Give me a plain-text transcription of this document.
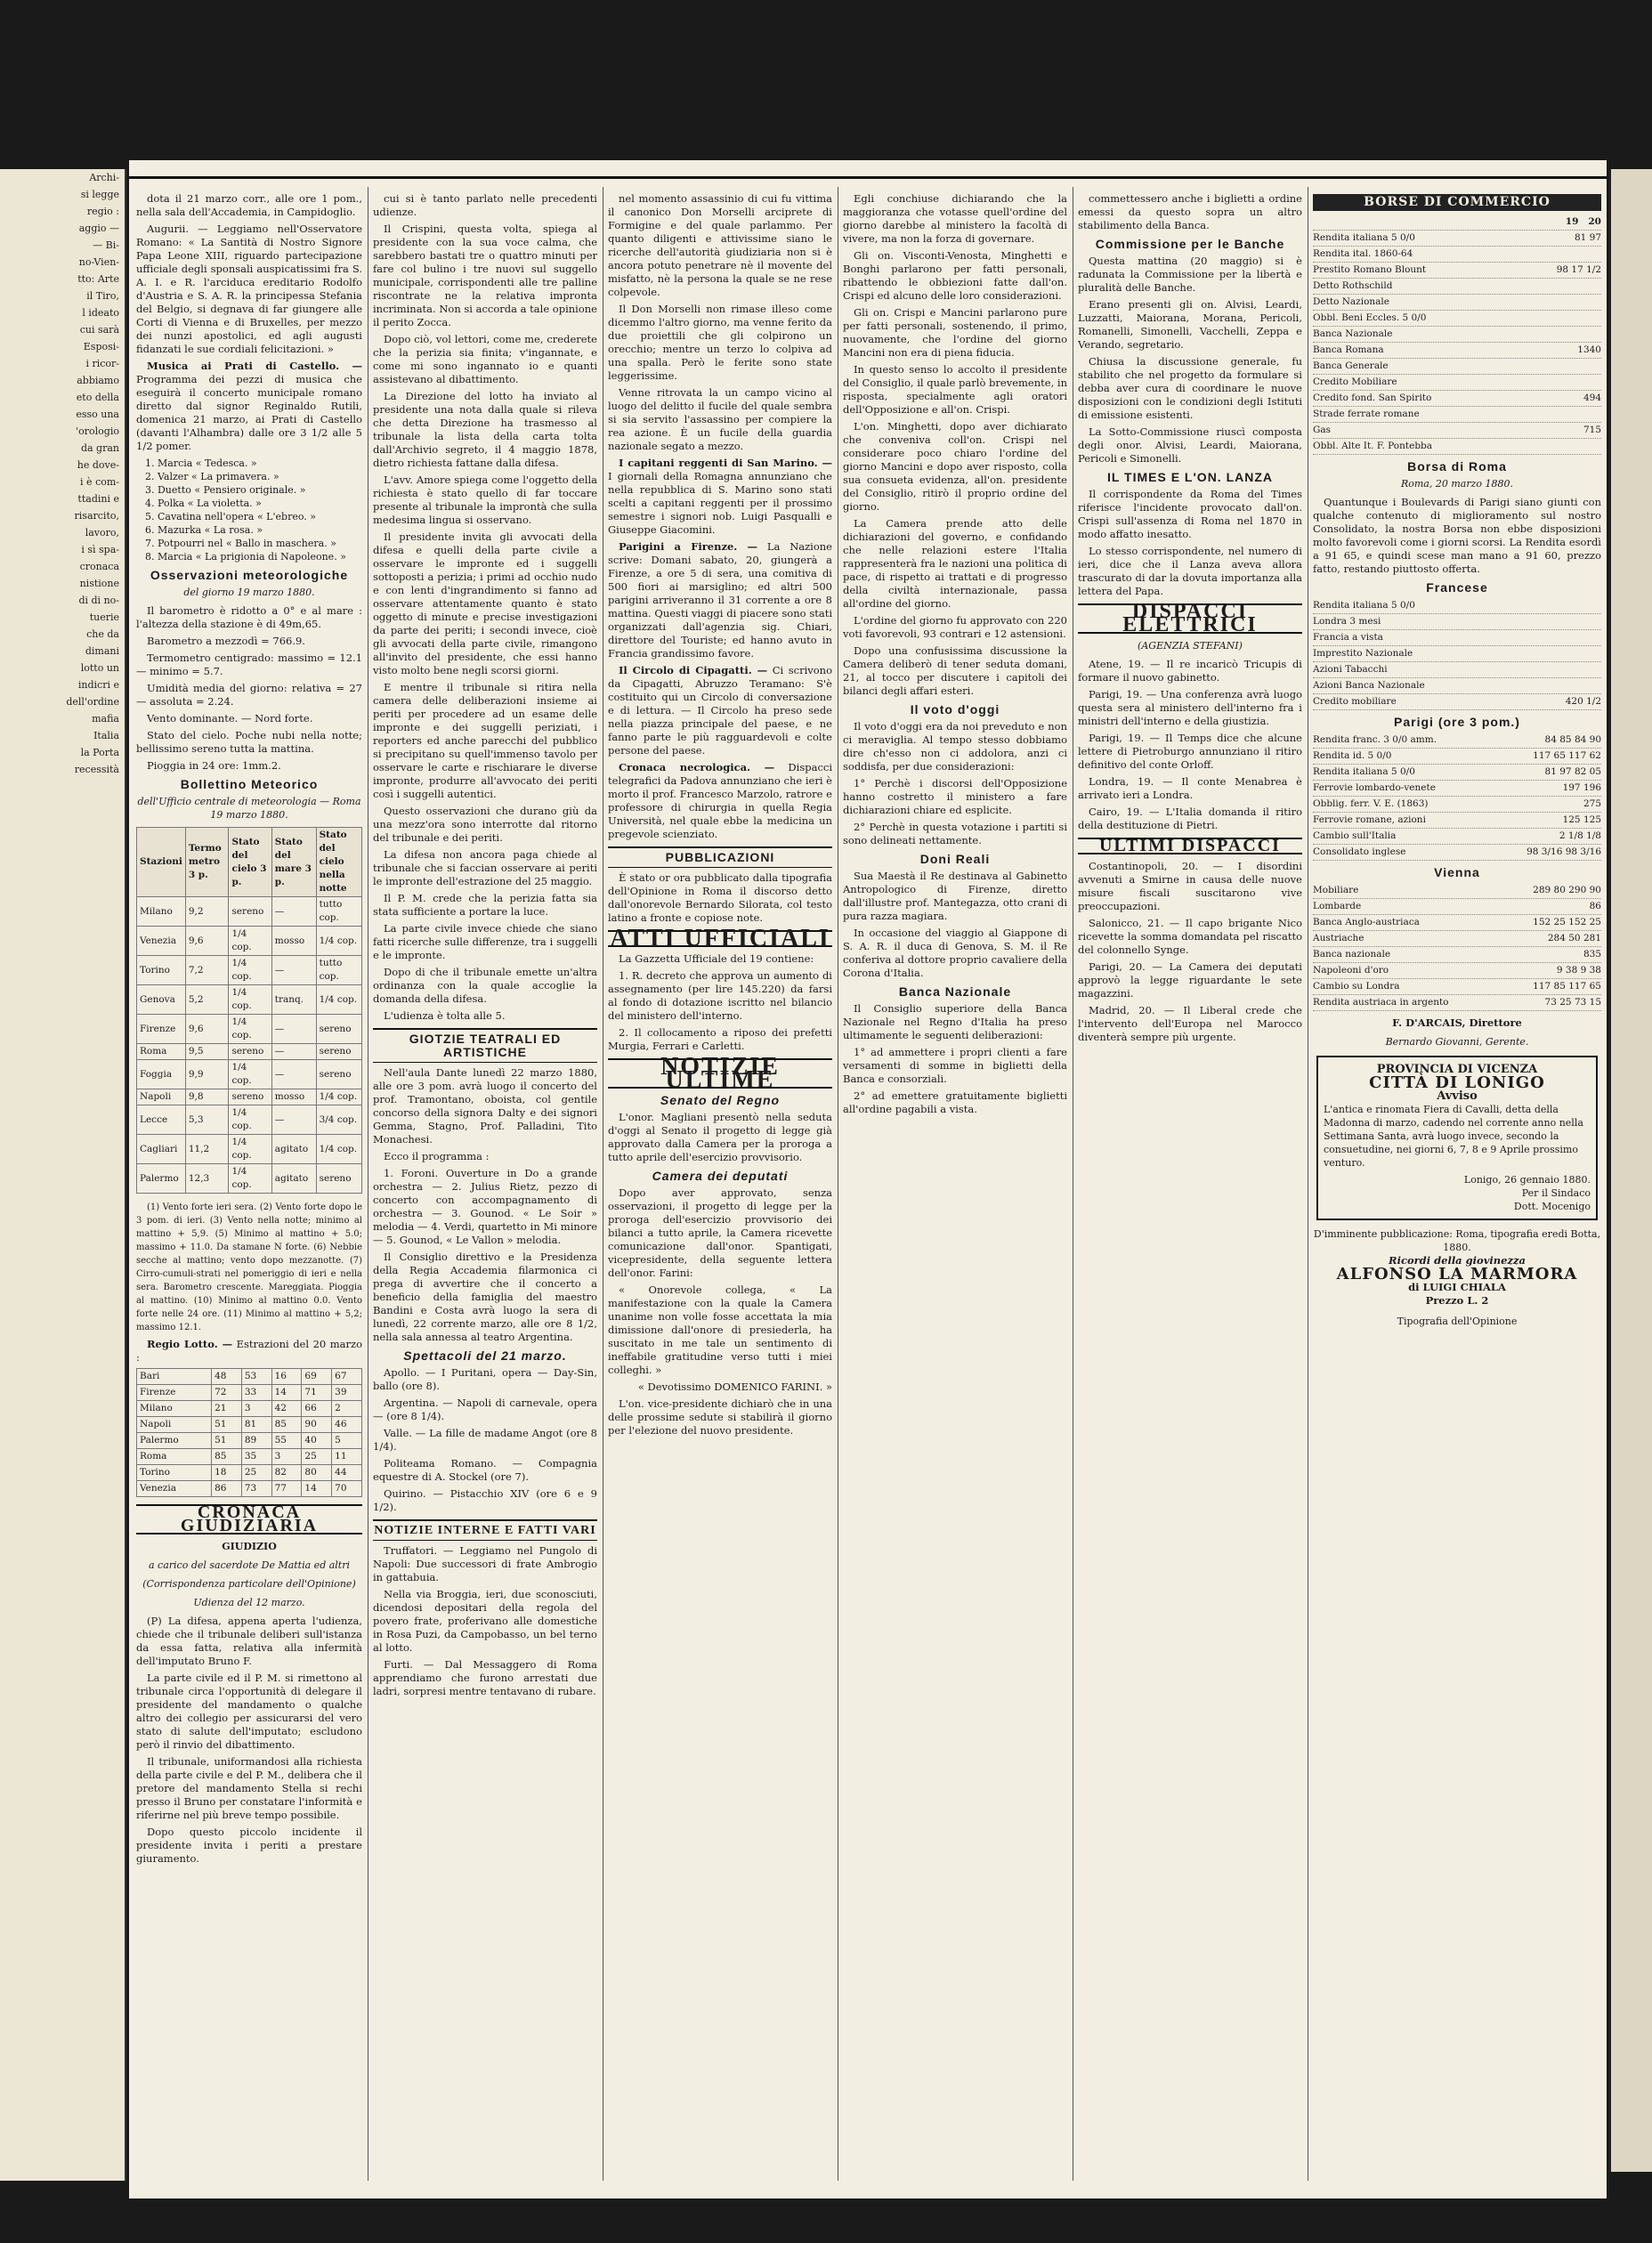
Archi-

si legge

regio :

aggio —

— Bi-

no-Vien-

tto: Arte

il Tiro,

l ideato

cui sarà

Esposi-

i ricor-

abbiamo

eto della

esso una

'orologio

da gran

he dove-

i è com-

ttadini e

risarcito,

lavoro,

i sì spa-

cronaca

nistione

di di no-

tuerie

che da

dimani

lotto un

indicri e

dell'ordine

mafia

Italia

la Porta

recessità

dota il 21 marzo corr., alle ore 1 pom., nella sala dell'Accademia, in Campidoglio.

Augurii. — Leggiamo nell'Osservatore Romano: « La Santità di Nostro Signore Papa Leone XIII, riguardo partecipazione ufficiale degli sponsali auspicatissimi fra S. A. I. e R. l'arciduca ereditario Rodolfo d'Austria e S. A. R. la principessa Stefania del Belgio, si degnava di far giungere alle Corti di Vienna e di Bruxelles, per mezzo dei nunzi apostolici, ed agli augusti fidanzati le sue cordiali felicitazioni. »

Musica ai Prati di Castello. — Programma dei pezzi di musica che eseguirà il concerto municipale romano diretto dal signor Reginaldo Rutili, domenica 21 marzo, ai Prati di Castello (davanti l'Alhambra) dalle ore 3 1/2 alle 5 1/2 pomer.

1. Marcia « Tedesca. »
2. Valzer « La primavera. »
3. Duetto « Pensiero originale. »
4. Polka « La violetta. »
5. Cavatina nell'opera « L'ebreo. »
6. Mazurka « La rosa. »
7. Potpourri nel « Ballo in maschera. »
8. Marcia « La prigionia di Napoleone. »
Osservazioni meteorologiche
del giorno 19 marzo 1880.

Il barometro è ridotto a 0° e al mare : l'altezza della stazione è di 49m,65.

Barometro a mezzodì = 766.9.

Termometro centigrado: massimo = 12.1 — minimo = 5.7.

Umidità media del giorno: relativa = 27 — assoluta = 2.24.

Vento dominante. — Nord forte.

Stato del cielo. Poche nubi nella notte; bellissimo sereno tutta la mattina.

Pioggia in 24 ore: 1mm.2.

Bollettino Meteorico
dell'Ufficio centrale di meteorologia — Roma 19 marzo 1880.
Stazioni	Termo metro 3 p.	Stato del cielo 3 p.	Stato del mare 3 p.	Stato del cielo nella notte
Milano	9,2	sereno	—	tutto cop.
Venezia	9,6	1/4 cop.	mosso	1/4 cop.
Torino	7,2	1/4 cop.	—	tutto cop.
Genova	5,2	1/4 cop.	tranq.	1/4 cop.
Firenze	9,6	1/4 cop.	—	sereno
Roma	9,5	sereno	—	sereno
Foggia	9,9	1/4 cop.	—	sereno
Napoli	9,8	sereno	mosso	1/4 cop.
Lecce	5,3	1/4 cop.	—	3/4 cop.
Cagliari	11,2	1/4 cop.	agitato	1/4 cop.
Palermo	12,3	1/4 cop.	agitato	sereno

(1) Vento forte ieri sera. (2) Vento forte dopo le 3 pom. di ieri. (3) Vento nella notte; minimo al mattino + 5,9. (5) Minimo al mattino + 5.0; massimo + 11.0. Da stamane N forte. (6) Nebbie secche al mattino; vento dopo mezzanotte. (7) Cirro-cumuli-strati nel pomeriggio di ieri e nella sera. Barometro crescente. Mareggiata. Pioggia al mattino. (10) Minimo al mattino 0.0. Vento forte nelle 24 ore. (11) Minimo al mattino + 5,2; massimo 12.1.

Regio Lotto. — Estrazioni del 20 marzo :

Bari	48	53	16	69	67
Firenze	72	33	14	71	39
Milano	21	3	42	66	2
Napoli	51	81	85	90	46
Palermo	51	89	55	40	5
Roma	85	35	3	25	11
Torino	18	25	82	80	44
Venezia	86	73	77	14	70
CRONACA GIUDIZIARIA
GIUDIZIO
a carico del sacerdote De Mattia ed altri
(Corrispondenza particolare dell'Opinione)
Udienza del 12 marzo.

(P) La difesa, appena aperta l'udienza, chiede che il tribunale deliberi sull'istanza da essa fatta, relativa alla infermità dell'imputato Bruno F.

La parte civile ed il P. M. si rimettono al tribunale circa l'opportunità di delegare il presidente del mandamento o qualche altro dei collegio per assicurarsi del vero stato di salute dell'imputato; escludono però il rinvio del dibattimento.

Il tribunale, uniformandosi alla richiesta della parte civile e del P. M., delibera che il pretore del mandamento Stella si rechi presso il Bruno per constatare l'informità e riferirne nel più breve tempo possibile.

Dopo questo piccolo incidente il presidente invita i periti a prestare giuramento.

cui si è tanto parlato nelle precedenti udienze.

Il Crispini, questa volta, spiega al presidente con la sua voce calma, che sarebbero bastati tre o quattro minuti per fare col bulino i tre nuovi sul suggello municipale, corrispondenti alle tre palline riscontrate ne la relativa impronta incriminata. Non si accorda a tale opinione il perito Zocca.

Dopo ciò, vol lettori, come me, crederete che la perizia sia finita; v'ingannate, e come mi sono ingannato io e quanti assistevano al dibattimento.

La Direzione del lotto ha inviato al presidente una nota dalla quale si rileva che detta Direzione ha trasmesso al tribunale la lista della carta tolta dall'Archivio segreto, il 4 maggio 1878, dietro richiesta fattane dalla difesa.

L'avv. Amore spiega come l'oggetto della richiesta è stato quello di far toccare presente al tribunale la improntà che sulla medesima lingua si osservano.

Il presidente invita gli avvocati della difesa e quelli della parte civile a osservare le impronte ed i suggelli sottoposti a perizia; i primi ad occhio nudo e con lenti d'ingrandimento si fanno ad osservare attentamente quanto è stato oggetto di minute e precise investigazioni da parte dei periti; i secondi invece, cioè gli avvocati della parte civile, rimangono all'invito del presidente, che essi hanno visto molto bene negli scorsi giorni.

E mentre il tribunale si ritira nella camera delle deliberazioni insieme ai periti per procedere ad un esame delle impronte e dei suggelli periziati, i reporters ed anche parecchi del pubblico si precipitano su quell'immenso tavolo per osservare le carte e rischiarare le diverse impronte, produrre all'avvocato dei periti così i suggelli autentici.

Questo osservazioni che durano giù da una mezz'ora sono interrotte dal ritorno del tribunale e dei periti.

La difesa non ancora paga chiede al tribunale che si faccian osservare ai periti le impronte dell'estrazione del 25 maggio.

Il P. M. crede che la perizia fatta sia stata sufficiente a portare la luce.

La parte civile invece chiede che siano fatti ricerche sulle differenze, tra i suggelli e le impronte.

Dopo di che il tribunale emette un'altra ordinanza con la quale accoglie la domanda della difesa.

L'udienza è tolta alle 5.

GIOTZIE TEATRALI ED ARTISTICHE

Nell'aula Dante lunedì 22 marzo 1880, alle ore 3 pom. avrà luogo il concerto del prof. Tramontano, oboista, col gentile concorso della signora Dalty e dei signori Gemma, Stagno, Prof. Palladini, Tito Monachesi.

Ecco il programma :

1. Foroni. Ouverture in Do a grande orchestra — 2. Julius Rietz, pezzo di concerto con accompagnamento di orchestra — 3. Gounod. « Le Soir » melodia — 4. Verdi, quartetto in Mi minore — 5. Gounod, « Le Vallon » melodia.

Il Consiglio direttivo e la Presidenza della Regia Accademia filarmonica ci prega di avvertire che il concerto a beneficio della famiglia del maestro Bandini e Costa avrà luogo la sera di lunedì, 22 corrente marzo, alle ore 8 1/2, nella sala annessa al teatro Argentina.

Spettacoli del 21 marzo.

Apollo. — I Puritani, opera — Day-Sin, ballo (ore 8).

Argentina. — Napoli di carnevale, opera — (ore 8 1/4).

Valle. — La fille de madame Angot (ore 8 1/4).

Politeama Romano. — Compagnia equestre di A. Stockel (ore 7).

Quirino. — Pistacchio XIV (ore 6 e 9 1/2).

NOTIZIE INTERNE E FATTI VARI

Truffatori. — Leggiamo nel Pungolo di Napoli: Due successori di frate Ambrogio in gattabuia.

Nella via Broggia, ieri, due sconosciuti, dicendosi depositari della regola del povero frate, proferivano alle domestiche in Rosa Puzi, da Campobasso, un bel terno al lotto.

Furti. — Dal Messaggero di Roma apprendiamo che furono arrestati due ladri, sorpresi mentre tentavano di rubare.

nel momento assassinio di cui fu vittima il canonico Don Morselli arciprete di Formigine e del quale parlammo. Per quanto diligenti e attivissime siano le ricerche dell'autorità giudiziaria non si è ancora potuto penetrare nè il movente del misfatto, nè la persona la quale se ne rese colpevole.

Il Don Morselli non rimase illeso come dicemmo l'altro giorno, ma venne ferito da due proiettili che gli colpirono un orecchio; mentre un terzo lo colpiva ad una spalla. Però le ferite sono state leggerissime.

Venne ritrovata la un campo vicino al luogo del delitto il fucile del quale sembra si sia servito l'assassino per compiere la rea azione. È un fucile della guardia nazionale segato a mezzo.

I capitani reggenti di San Marino. — I giornali della Romagna annunziano che nella repubblica di S. Marino sono stati scelti a capitani reggenti per il prossimo semestre i signori nob. Luigi Pasqualli e Giuseppe Giacomini.

Parigini a Firenze. — La Nazione scrive: Domani sabato, 20, giungerà a Firenze, a ore 5 di sera, una comitiva di 500 fiori ai marsiglino; ed altri 500 parigini arriveranno il 31 corrente a ore 8 mattina. Questi viaggi di piacere sono stati organizzati dall'agenzia sig. Chiari, direttore del Touriste; ed hanno avuto in Francia grandissimo favore.

Il Circolo di Cipagatti. — Ci scrivono da Cipagatti, Abruzzo Teramano: S'è costituito qui un Circolo di conversazione e di lettura. — Il Circolo ha preso sede nella piazza principale del paese, e ne fanno parte le più ragguardevoli e colte persone del paese.

Cronaca necrologica. — Dispacci telegrafici da Padova annunziano che ieri è morto il prof. Francesco Marzolo, ratrore e professore di chirurgia in quella Regia Università, nel quale ebbe la medicina un pregevole scienziato.

PUBBLICAZIONI

È stato or ora pubblicato dalla tipografia dell'Opinione in Roma il discorso detto dall'onorevole Bernardo Silorata, col testo latino a fronte e copiose note.

ATTI UFFICIALI

La Gazzetta Ufficiale del 19 contiene:

1. R. decreto che approva un aumento di assegnamento (per lire 145.220) da farsi al fondo di dotazione iscritto nel bilancio del ministero dell'interno.

2. Il collocamento a riposo dei prefetti Murgia, Ferrari e Carletti.

NOTIZIE ULTIME
Senato del Regno

L'onor. Magliani presentò nella seduta d'oggi al Senato il progetto di legge già approvato dalla Camera per la proroga a tutto aprile dell'esercizio provvisorio.

Camera dei deputati

Dopo aver approvato, senza osservazioni, il progetto di legge per la proroga dell'esercizio provvisorio dei bilanci a tutto aprile, la Camera ricevette comunicazione dall'onor. Spantigati, vicepresidente, della seguente lettera dell'onor. Farini:

« Onorevole collega, « La manifestazione con la quale la Camera unanime non volle fosse accettata la mia dimissione dall'onore di presiederla, ha suscitato in me tale un sentimento di ineffabile gratitudine verso tutti i miei colleghi. »

« Devotissimo DOMENICO FARINI. »

L'on. vice-presidente dichiarò che in una delle prossime sedute si stabilirà il giorno per l'elezione del nuovo presidente.

Egli conchiuse dichiarando che la maggioranza che votasse quell'ordine del giorno darebbe al ministero la facoltà di vivere, ma non la forza di governare.

Gli on. Visconti-Venosta, Minghetti e Bonghi parlarono per fatti personali, ribattendo le obbiezioni fatte dall'on. Crispi ed alcuno delle loro considerazioni.

Gli on. Crispi e Mancini parlarono pure per fatti personali, sostenendo, il primo, nuovamente, che l'ordine del giorno Mancini non era di piena fiducia.

In questo senso lo accolto il presidente del Consiglio, il quale parlò brevemente, in risposta, specialmente agli oratori dell'Opposizione e all'on. Crispi.

L'on. Minghetti, dopo aver dichiarato che conveniva coll'on. Crispi nel considerare poco chiaro l'ordine del giorno Mancini e dopo aver risposto, colla sua consueta evidenza, all'on. presidente del Consiglio, ritirò il proprio ordine del giorno.

La Camera prende atto delle dichiarazioni del governo, e confidando che nelle relazioni estere l'Italia rappresenterà fra le nazioni una politica di pace, di rispetto ai trattati e di progresso della civiltà internazionale, passa all'ordine del giorno.

L'ordine del giorno fu approvato con 220 voti favorevoli, 93 contrari e 12 astensioni.

Dopo una confusissima discussione la Camera deliberò di tener seduta domani, 21, al tocco per discutere i capitoli dei bilanci degli affari esteri.

Il voto d'oggi

Il voto d'oggi era da noi preveduto e non ci meraviglia. Al tempo stesso dobbiamo dire ch'esso non ci addolora, anzi ci soddisfa, per due considerazioni:

1° Perchè i discorsi dell'Opposizione hanno costretto il ministero a fare dichiarazioni chiare ed esplicite.

2° Perchè in questa votazione i partiti si sono delineati nettamente.

Doni Reali

Sua Maestà il Re destinava al Gabinetto Antropologico di Firenze, diretto dall'illustre prof. Mantegazza, otto crani di pura razza magiara.

In occasione del viaggio al Giappone di S. A. R. il duca di Genova, S. M. il Re conferiva al dottore proprio cavaliere della Corona d'Italia.

Banca Nazionale

Il Consiglio superiore della Banca Nazionale nel Regno d'Italia ha preso ultimamente le seguenti deliberazioni:

1° ad ammettere i propri clienti a fare versamenti di somme in biglietti della Banca e consorziali.

2° ad emettere gratuitamente biglietti all'ordine pagabili a vista.

commettessero anche i biglietti a ordine emessi da questo sopra un altro stabilimento della Banca.

Commissione per le Banche

Questa mattina (20 maggio) si è radunata la Commissione per la libertà e pluralità delle Banche.

Erano presenti gli on. Alvisi, Leardi, Luzzatti, Maiorana, Morana, Pericoli, Romanelli, Simonelli, Vacchelli, Zeppa e Verando, segretario.

Chiusa la discussione generale, fu stabilito che nel progetto da formulare si debba aver cura di coordinare le nuove disposizioni con le condizioni degli Istituti di emissione esistenti.

La Sotto-Commissione riuscì composta degli onor. Alvisi, Leardi, Maiorana, Pericoli e Simonelli.

IL TIMES E L'ON. LANZA

Il corrispondente da Roma del Times riferisce l'incidente provocato dall'on. Crispi sull'assenza di Roma nel 1870 in modo affatto inesatto.

Lo stesso corrispondente, nel numero di ieri, dice che il Lanza aveva allora trascurato di dar la dovuta importanza alla lettera del Papa.

DISPACCI ELETTRICI
(AGENZIA STEFANI)

Atene, 19. — Il re incaricò Tricupis di formare il nuovo gabinetto.

Parigi, 19. — Una conferenza avrà luogo questa sera al ministero dell'interno fra i ministri dell'interno e della giustizia.

Parigi, 19. — Il Temps dice che alcune lettere di Pietroburgo annunziano il ritiro definitivo del conte Orloff.

Londra, 19. — Il conte Menabrea è arrivato ieri a Londra.

Cairo, 19. — L'Italia domanda il ritiro della destituzione di Pietri.

ULTIMI DISPACCI

Costantinopoli, 20. — I disordini avvenuti a Smirne in causa delle nuove misure fiscali suscitarono vive preoccupazioni.

Salonicco, 21. — Il capo brigante Nico ricevette la somma domandata pel riscatto del colonnello Synge.

Parigi, 20. — La Camera dei deputati approvò la legge riguardante le sete magazzini.

Madrid, 20. — Il Liberal crede che l'intervento dell'Europa nel Marocco diventerà sempre più urgente.

BORSE DI COMMERCIO
19 20
Rendita italiana 5 0/0	81 97
Rendita ital. 1860-64
Prestito Romano Blount	98 17 1/2
Detto Rothschild
Detto Nazionale
Obbl. Beni Eccles. 5 0/0
Banca Nazionale
Banca Romana	1340
Banca Generale
Credito Mobiliare
Credito fond. San Spirito	494
Strade ferrate romane
Gas	715
Obbl. Alte It. F. Pontebba
Borsa di Roma
Roma, 20 marzo 1880.

Quantunque i Boulevards di Parigi siano giunti con qualche contenuto di miglioramento sul nostro Consolidato, la nostra Borsa non ebbe disposizioni molto favorevoli come i giorni scorsi. La Rendita esordì a 91 65, e quindi scese man mano a 91 60, prezzo fatto, restando piuttosto offerta.

Francese
Rendita italiana 5 0/0
Londra 3 mesi
Francia a vista
Imprestito Nazionale
Azioni Tabacchi
Azioni Banca Nazionale
Credito mobiliare	420 1/2
Parigi (ore 3 pom.)
Rendita franc. 3 0/0 amm.	84 85 84 90
Rendita id. 5 0/0	117 65 117 62
Rendita italiana 5 0/0	81 97 82 05
Ferrovie lombardo-venete	197 196
Obblig. ferr. V. E. (1863)	275
Ferrovie romane, azioni	125 125
Cambio sull'Italia	2 1/8 1/8
Consolidato inglese	98 3/16 98 3/16
Vienna
Mobiliare	289 80 290 90
Lombarde	86
Banca Anglo-austriaca	152 25 152 25
Austriache	284 50 281
Banca nazionale	835
Napoleoni d'oro	9 38 9 38
Cambio su Londra	117 85 117 65
Rendita austriaca in argento	73 25 73 15
F. D'ARCAIS, Direttore
Bernardo Giovanni, Gerente.
PROVINCIA DI VICENZA
CITTÀ DI LONIGO
Avviso

L'antica e rinomata Fiera di Cavalli, detta della Madonna di marzo, cadendo nel corrente anno nella Settimana Santa, avrà luogo invece, secondo la consuetudine, nei giorni 6, 7, 8 e 9 Aprile prossimo venturo.

Lonigo, 26 gennaio 1880.
Per il Sindaco
Dott. Mocenigo
D'imminente pubblicazione: Roma, tipografia eredi Botta, 1880.
Ricordi della giovinezza
ALFONSO LA MARMORA
di LUIGI CHIALA
Prezzo L. 2
Tipografia dell'Opinione
